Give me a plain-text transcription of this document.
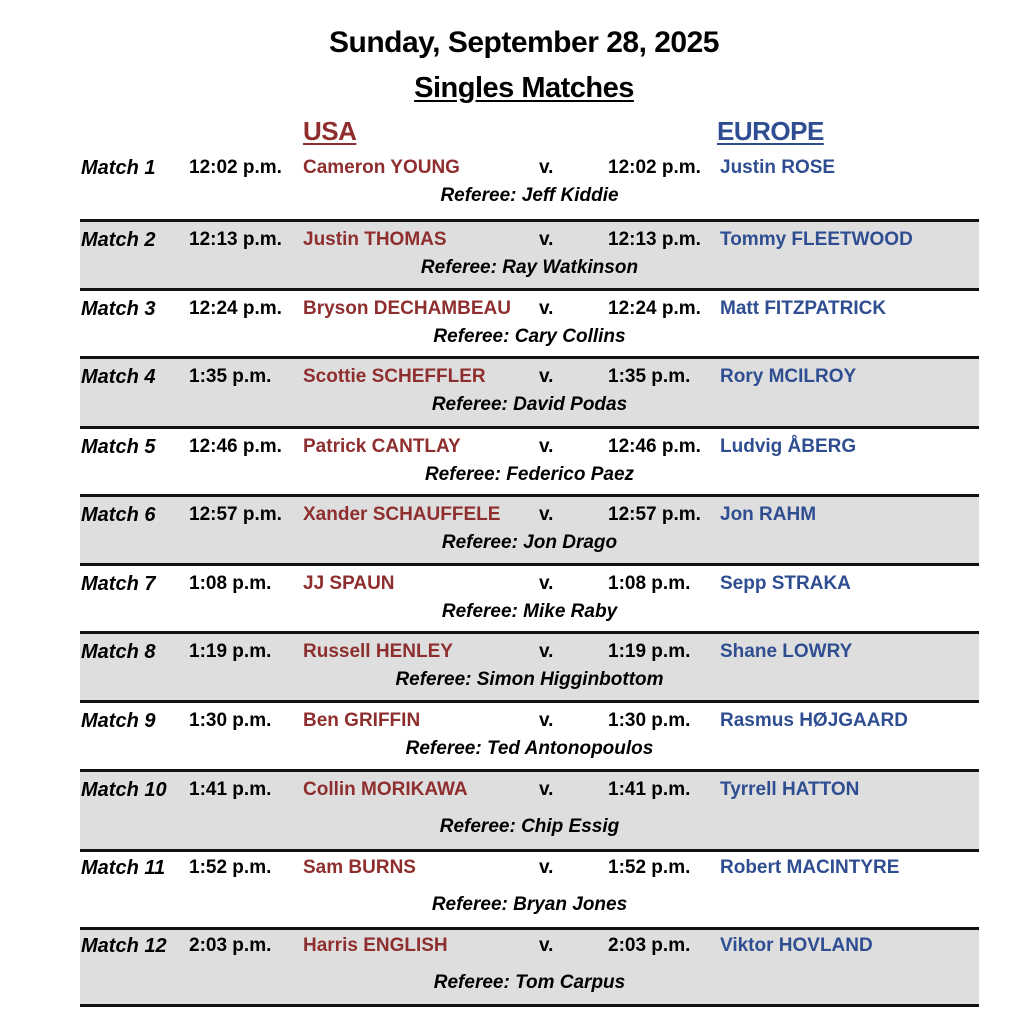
Sunday, September 28, 2025
Singles Matches
USA	EUROPE
Match 1 12:02 p.m. Cameron YOUNG	v.	12:02 p.m. Justin ROSE
Referee: Jeff Kiddie
Match 2 12:13 p.m. Justin THOMAS	v.	12:13 p.m. Tommy FLEETWOOD
Referee: Ray Watkinson
Match 3 12:24 p.m. Bryson DECHAMBEAU v.	12:24 p.m. Matt FITZPATRICK
Referee: Cary Collins
Match 4 1:35 p.m. Scottie SCHEFFLER	v.	1:35 p.m. Rory MCILROY
Referee: David Podas
Match 5 12:46 p.m. Patrick CANTLAY	v.	12:46 p.m. Ludvig ÅBERG
Referee: Federico Paez
Match 6 12:57 p.m. Xander SCHAUFFELE v.	12:57 p.m. Jon RAHM
Referee: Jon Drago
Match 7 1:08 p.m. JJ SPAUN	v.	1:08 p.m. Sepp STRAKA
Referee: Mike Raby
Match 8 1:19 p.m. Russell HENLEY	v.	1:19 p.m. Shane LOWRY
Referee: Simon Higginbottom
Match 9 1:30 p.m. Ben GRIFFIN	v.	1:30 p.m. Rasmus HØJGAARD
Referee: Ted Antonopoulos
Match 10 1:41 p.m. Collin MORIKAWA	v.	1:41 p.m. Tyrrell HATTON
Referee: Chip Essig
Match 11 1:52 p.m. Sam BURNS	v.	1:52 p.m. Robert MACINTYRE
Referee: Bryan Jones
Match 12 2:03 p.m. Harris ENGLISH	v.	2:03 p.m. Viktor HOVLAND
Referee: Tom Carpus
